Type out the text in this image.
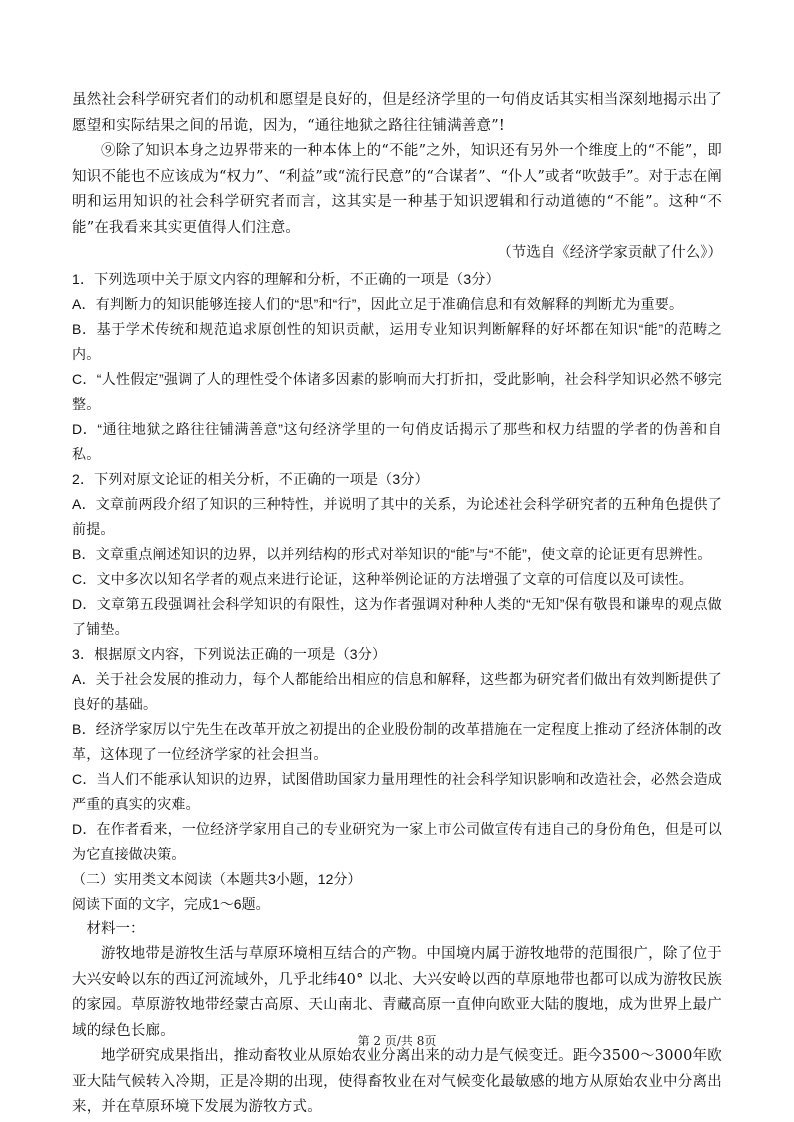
虽然社会科学研究者们的动机和愿望是良好的，但是经济学里的一句俏皮话其实相当深刻地揭示出了愿望和实际结果之间的吊诡，因为，“通往地狱之路往往铺满善意”!

⑨除了知识本身之边界带来的一种本体上的“不能”之外，知识还有另外一个维度上的“不能”，即知识不能也不应该成为“权力”、“利益”或“流行民意”的“合谋者”、“仆人”或者“吹鼓手”。对于志在阐明和运用知识的社会科学研究者而言，这其实是一种基于知识逻辑和行动道德的“不能”。这种“不能”在我看来其实更值得人们注意。

（节选自《经济学家贡献了什么》）

1．下列选项中关于原文内容的理解和分析，不正确的一项是（3分）

A．有判断力的知识能够连接人们的“思”和“行”，因此立足于准确信息和有效解释的判断尤为重要。

B．基于学术传统和规范追求原创性的知识贡献，运用专业知识判断解释的好坏都在知识“能”的范畴之内。

C．“人性假定”强调了人的理性受个体诸多因素的影响而大打折扣，受此影响，社会科学知识必然不够完整。

D．“通往地狱之路往往铺满善意”这句经济学里的一句俏皮话揭示了那些和权力结盟的学者的伪善和自私。

2．下列对原文论证的相关分析，不正确的一项是（3分）

A．文章前两段介绍了知识的三种特性，并说明了其中的关系，为论述社会科学研究者的五种角色提供了前提。

B．文章重点阐述知识的边界，以并列结构的形式对举知识的“能”与“不能”，使文章的论证更有思辨性。

C．文中多次以知名学者的观点来进行论证，这种举例论证的方法增强了文章的可信度以及可读性。

D．文章第五段强调社会科学知识的有限性，这为作者强调对种种人类的“无知”保有敬畏和谦卑的观点做了铺垫。

3．根据原文内容，下列说法正确的一项是（3分）

A．关于社会发展的推动力，每个人都能给出相应的信息和解释，这些都为研究者们做出有效判断提供了良好的基础。

B．经济学家厉以宁先生在改革开放之初提出的企业股份制的改革措施在一定程度上推动了经济体制的改革，这体现了一位经济学家的社会担当。

C．当人们不能承认知识的边界，试图借助国家力量用理性的社会科学知识影响和改造社会，必然会造成严重的真实的灾难。

D．在作者看来，一位经济学家用自己的专业研究为一家上市公司做宣传有违自己的身份角色，但是可以为它直接做决策。

（二）实用类文本阅读（本题共3小题，12分）

阅读下面的文字，完成1～6题。

材料一：

游牧地带是游牧生活与草原环境相互结合的产物。中国境内属于游牧地带的范围很广，除了位于大兴安岭以东的西辽河流域外，几乎北纬40° 以北、大兴安岭以西的草原地带也都可以成为游牧民族的家园。草原游牧地带经蒙古高原、天山南北、青藏高原一直伸向欧亚大陆的腹地，成为世界上最广域的绿色长廊。

地学研究成果指出，推动畜牧业从原始农业分离出来的动力是气候变迁。距今3500～3000年欧亚大陆气候转入冷期，正是冷期的出现，使得畜牧业在对气候变化最敏感的地方从原始农业中分离出来，并在草原环境下发展为游牧方式。

第 2 页/共 8页
